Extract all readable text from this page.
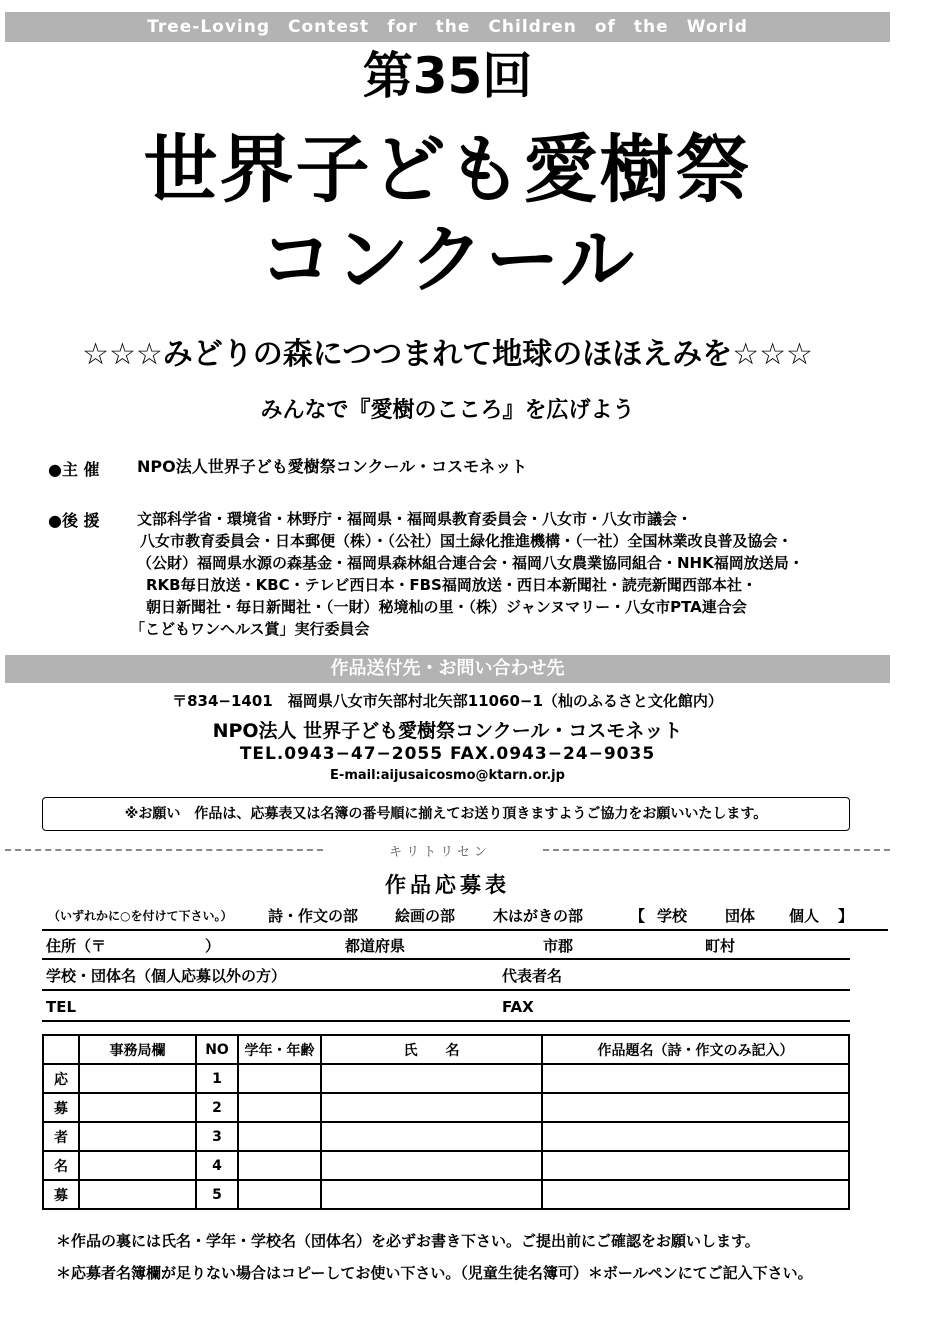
Tree-Loving Contest for the Children of the World
第35回
世界子ども愛樹祭
コンクール
☆☆☆みどりの森につつまれて地球のほほえみを☆☆☆
みんなで『愛樹のこころ』を広げよう
●主 催 NPO法人世界子ども愛樹祭コンクール・コスモネット
●後 援 文部科学省・環境省・林野庁・福岡県・福岡県教育委員会・八女市・八女市議会・
八女市教育委員会・日本郵便（株）・（公社）国土緑化推進機構・（一社）全国林業改良普及協会・
（公財）福岡県水源の森基金・福岡県森林組合連合会・福岡八女農業協同組合・NHK福岡放送局・
RKB毎日放送・KBC・テレビ西日本・FBS福岡放送・西日本新聞社・読売新聞西部本社・
朝日新聞社・毎日新聞社・（一財）秘境杣の里・（株）ジャンヌマリー・八女市PTA連合会
「こどもワンヘルス賞」実行委員会
作品送付先・お問い合わせ先
〒834−1401　福岡県八女市矢部村北矢部11060−1（杣のふるさと文化館内）
NPO法人 世界子ども愛樹祭コンクール・コスモネット
TEL.0943−47−2055 FAX.0943−24−9035
E-mail:aijusaicosmo@ktarn.or.jp
※お願い　作品は、応募表又は名簿の番号順に揃えてお送り頂きますようご協力をお願いいたします。
キリトリセン
作品応募表
（いずれかに○を付けて下さい。） 詩・作文の部 絵画の部	木はがきの部	【 学校	団体 個人 】
住所（〒	）	都道府県	市郡	町村
学校・団体名（個人応募以外の方）	代表者名
TEL	FAX
	事務局欄	NO	学年・年齢	氏　　名	作品題名（詩・作文のみ記入）
応		1			
募		2			
者		3			
名		4			
募		5			
＊作品の裏には氏名・学年・学校名（団体名）を必ずお書き下さい。ご提出前にご確認をお願いします。
＊応募者名簿欄が足りない場合はコピーしてお使い下さい。（児童生徒名簿可）＊ボールペンにてご記入下さい。
